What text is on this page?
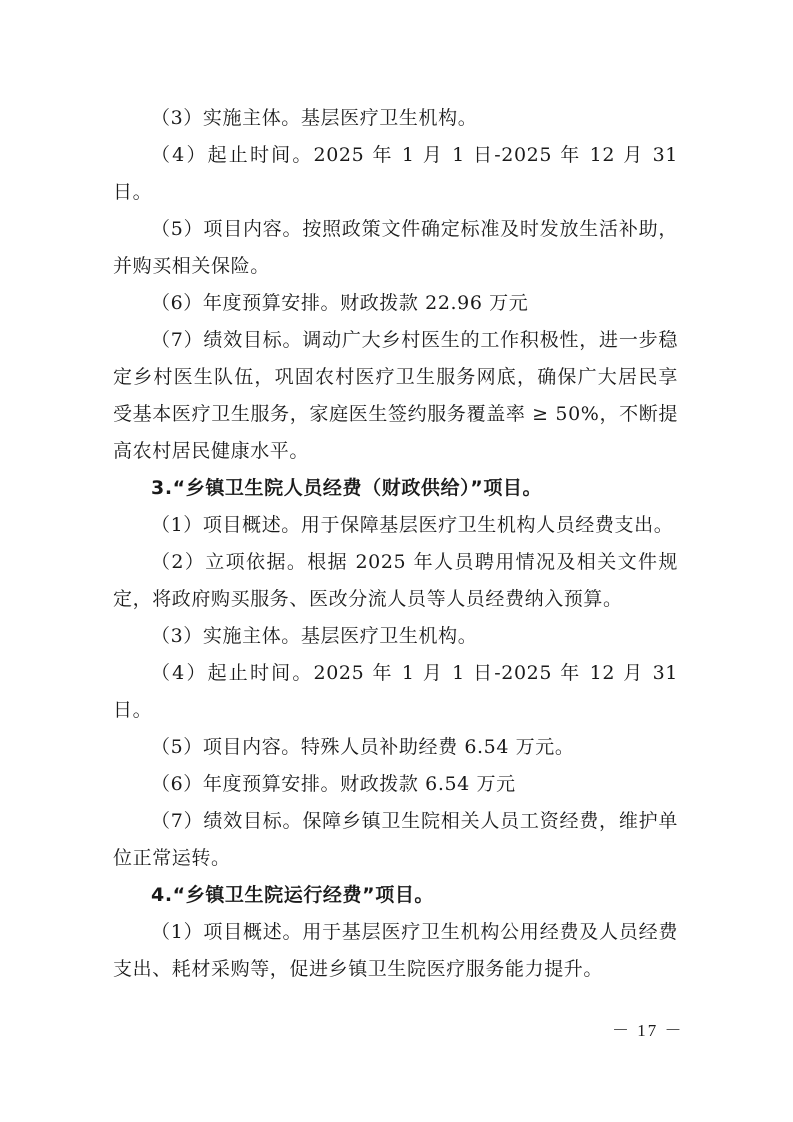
（3）实施主体。基层医疗卫生机构。

（4）起止时间。2025 年 1 月 1 日-2025 年 12 月 31 日。

（5）项目内容。按照政策文件确定标准及时发放生活补助，并购买相关保险。

（6）年度预算安排。财政拨款 22.96 万元

（7）绩效目标。调动广大乡村医生的工作积极性，进一步稳定乡村医生队伍，巩固农村医疗卫生服务网底，确保广大居民享受基本医疗卫生服务，家庭医生签约服务覆盖率 ≥ 50%，不断提高农村居民健康水平。

3.“乡镇卫生院人员经费（财政供给）”项目。

（1）项目概述。用于保障基层医疗卫生机构人员经费支出。

（2）立项依据。根据 2025 年人员聘用情况及相关文件规定，将政府购买服务、医改分流人员等人员经费纳入预算。

（3）实施主体。基层医疗卫生机构。

（4）起止时间。2025 年 1 月 1 日-2025 年 12 月 31 日。

（5）项目内容。特殊人员补助经费 6.54 万元。

（6）年度预算安排。财政拨款 6.54 万元

（7）绩效目标。保障乡镇卫生院相关人员工资经费，维护单位正常运转。

4.“乡镇卫生院运行经费”项目。

（1）项目概述。用于基层医疗卫生机构公用经费及人员经费支出、耗材采购等，促进乡镇卫生院医疗服务能力提升。

－ 17 －
